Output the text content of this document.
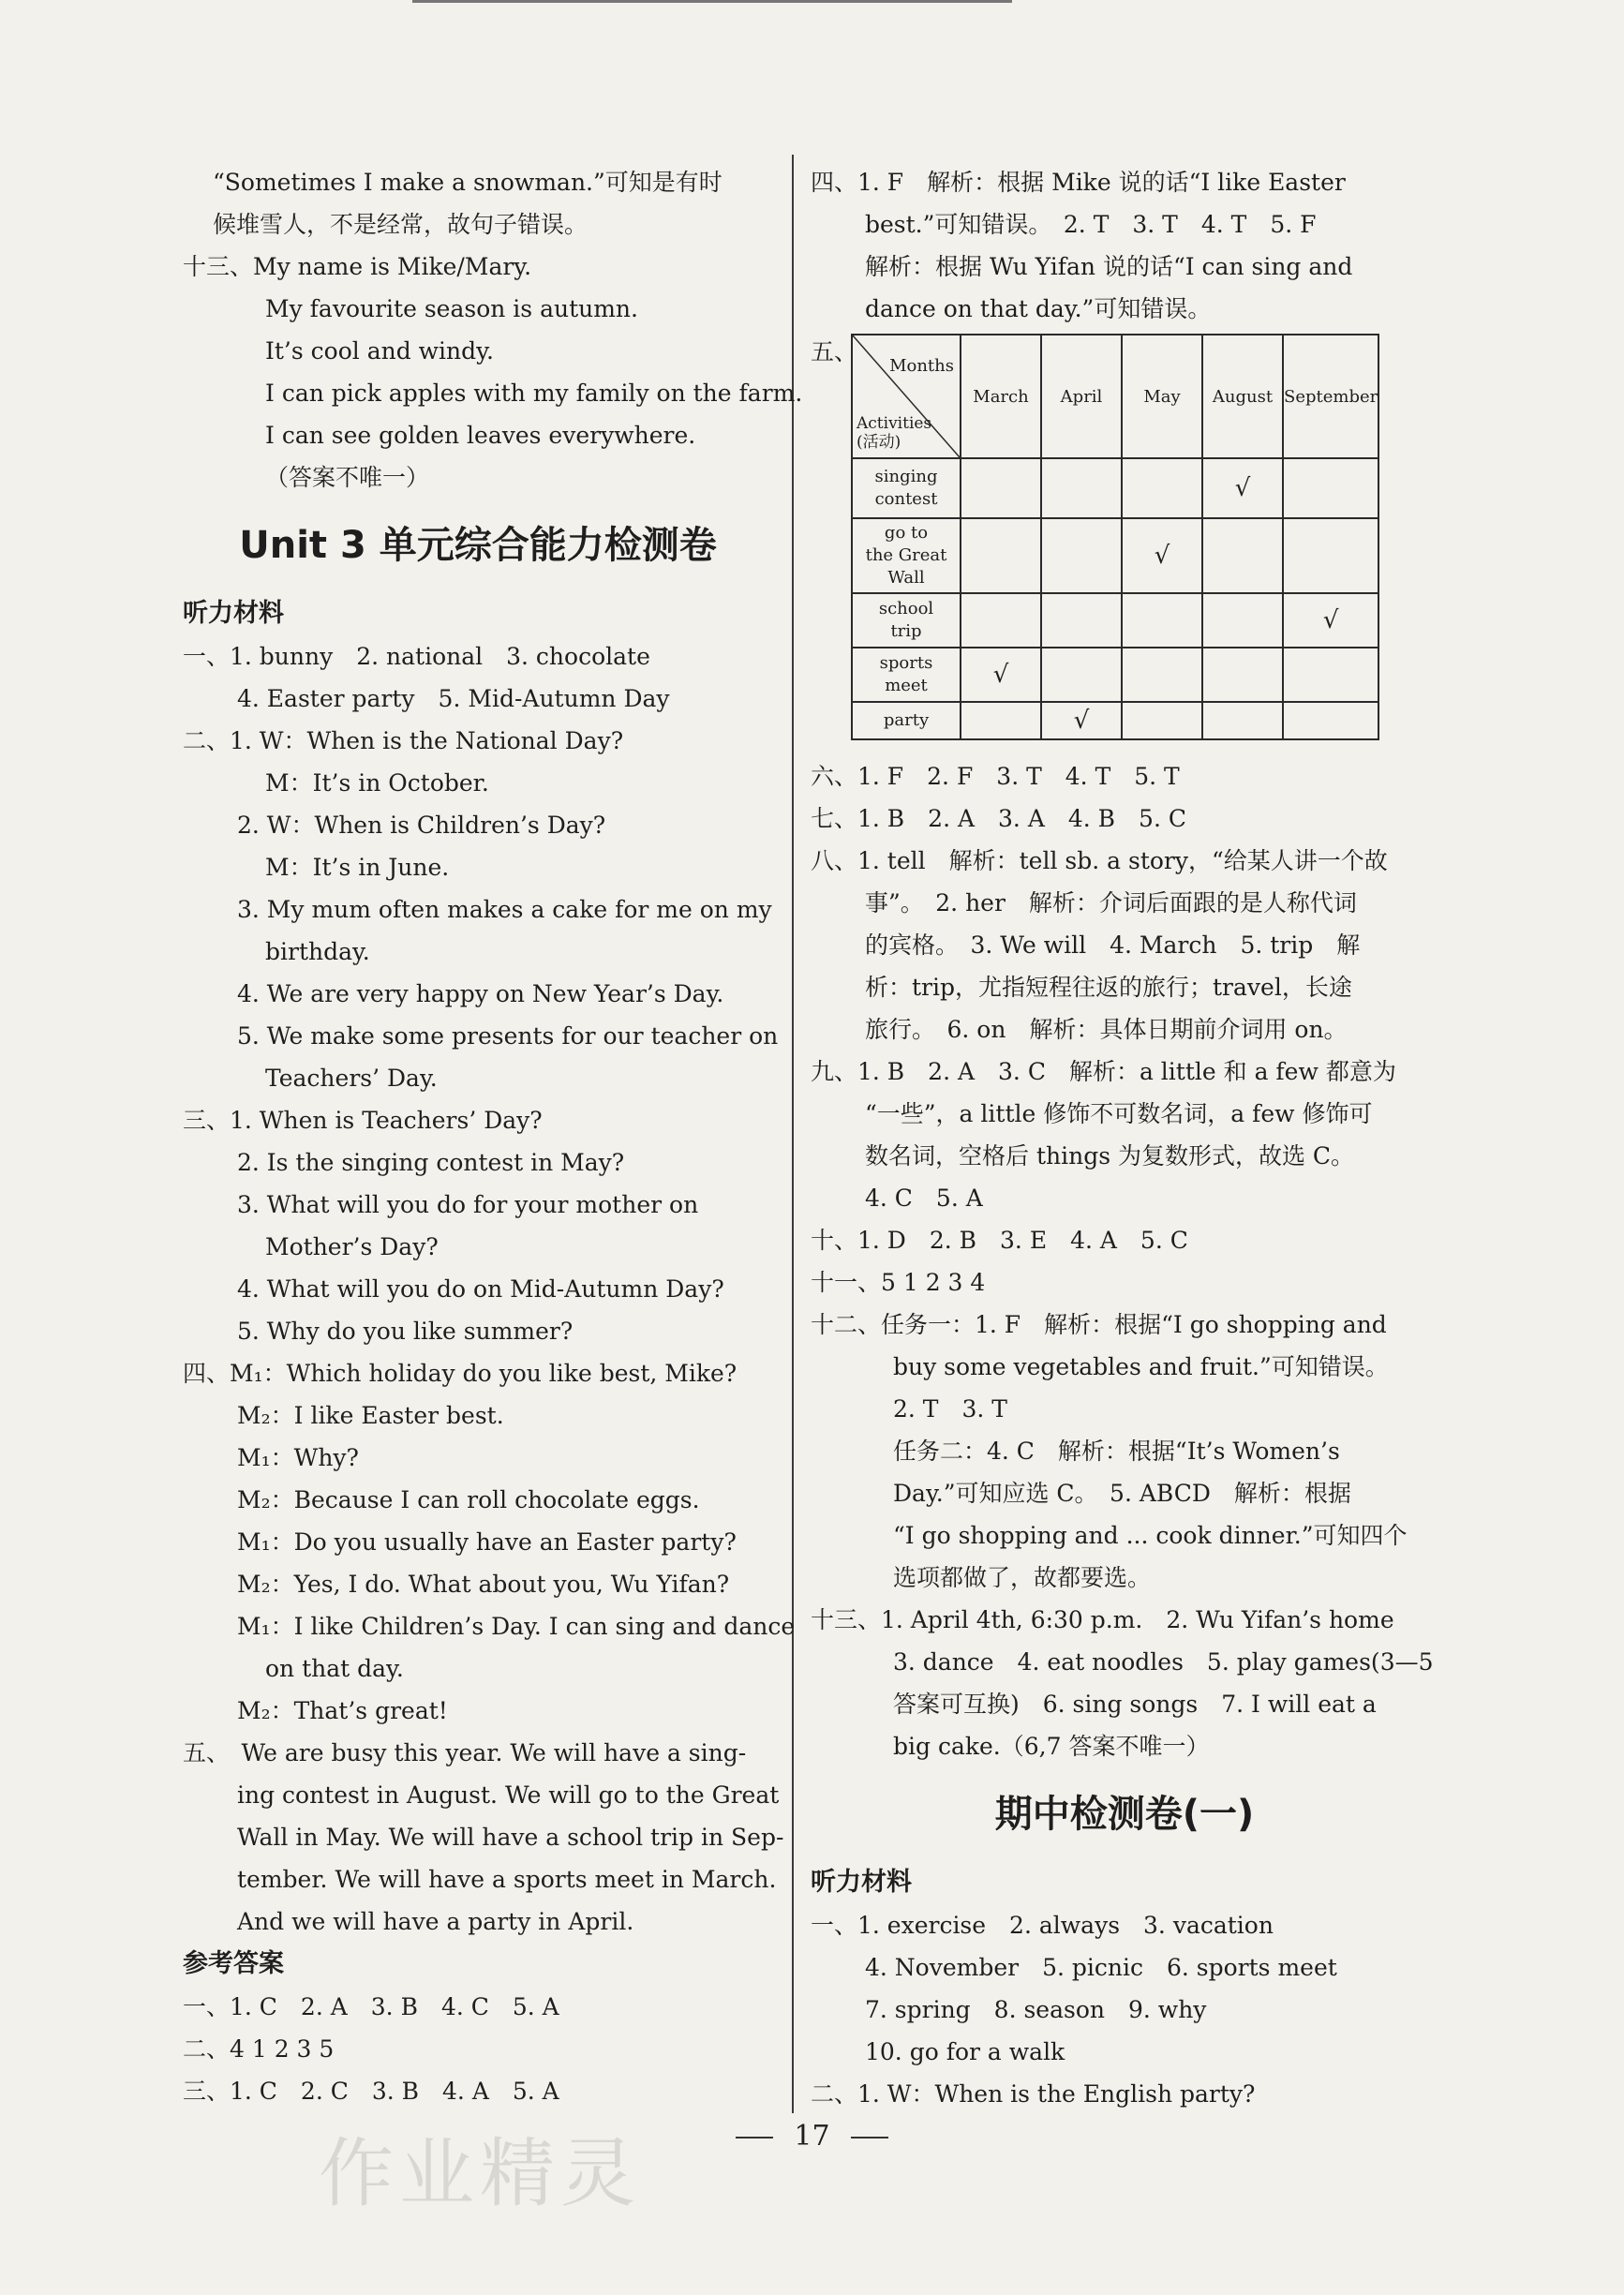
“Sometimes I make a snowman.”可知是有时
候堆雪人，不是经常，故句子错误。
十三、My name is Mike/Mary.
My favourite season is autumn.
It’s cool and windy.
I can pick apples with my family on the farm.
I can see golden leaves everywhere.
（答案不唯一）
Unit 3 单元综合能力检测卷
听力材料
一、1. bunny　2. national　3. chocolate
4. Easter party　5. Mid-Autumn Day
二、1. W：When is the National Day?
M：It’s in October.
2. W：When is Children’s Day?
M：It’s in June.
3. My mum often makes a cake for me on my
birthday.
4. We are very happy on New Year’s Day.
5. We make some presents for our teacher on
Teachers’ Day.
三、1. When is Teachers’ Day?
2. Is the singing contest in May?
3. What will you do for your mother on
Mother’s Day?
4. What will you do on Mid-Autumn Day?
5. Why do you like summer?
四、M₁：Which holiday do you like best, Mike?
M₂：I like Easter best.
M₁：Why?
M₂：Because I can roll chocolate eggs.
M₁：Do you usually have an Easter party?
M₂：Yes, I do. What about you, Wu Yifan?
M₁：I like Children’s Day. I can sing and dance
on that day.
M₂：That’s great!
五、　We are busy this year. We will have a sing-
ing contest in August. We will go to the Great
Wall in May. We will have a school trip in Sep-
tember. We will have a sports meet in March.
And we will have a party in April.
参考答案
一、1. C　2. A　3. B　4. C　5. A
二、4 1 2 3 5
三、1. C　2. C　3. B　4. A　5. A
四、1. F　解析：根据 Mike 说的话“I like Easter
best.”可知错误。　2. T　3. T　4. T　5. F
解析：根据 Wu Yifan 说的话“I can sing and
dance on that day.”可知错误。
五、
Months
Activities
(活动)	March	April	May	August	September

singing
contest				√	

go to
the Great
Wall			√		

school
trip					√

sports
meet	√				

party		√			
六、1. F　2. F　3. T　4. T　5. T
七、1. B　2. A　3. A　4. B　5. C
八、1. tell　解析：tell sb. a story，“给某人讲一个故
事”。　2. her　解析：介词后面跟的是人称代词
的宾格。　3. We will　4. March　5. trip　解
析：trip，尤指短程往返的旅行；travel，长途
旅行。　6. on　解析：具体日期前介词用 on。
九、1. B　2. A　3. C　解析：a little 和 a few 都意为
“一些”，a little 修饰不可数名词，a few 修饰可
数名词，空格后 things 为复数形式，故选 C。
4. C　5. A
十、1. D　2. B　3. E　4. A　5. C
十一、5 1 2 3 4
十二、任务一：1. F　解析：根据“I go shopping and
buy some vegetables and fruit.”可知错误。
2. T　3. T
任务二：4. C　解析：根据“It’s Women’s
Day.”可知应选 C。　5. ABCD　解析：根据
“I go shopping and ... cook dinner.”可知四个
选项都做了，故都要选。
十三、1. April 4th, 6:30 p.m.　2. Wu Yifan’s home
3. dance　4. eat noodles　5. play games(3—5
答案可互换)　6. sing songs　7. I will eat a
big cake.（6,7 答案不唯一）
期中检测卷(一)
听力材料
一、1. exercise　2. always　3. vacation
4. November　5. picnic　6. sports meet
7. spring　8. season　9. why
10. go for a walk
二、1. W：When is the English party?
作业精灵	17
